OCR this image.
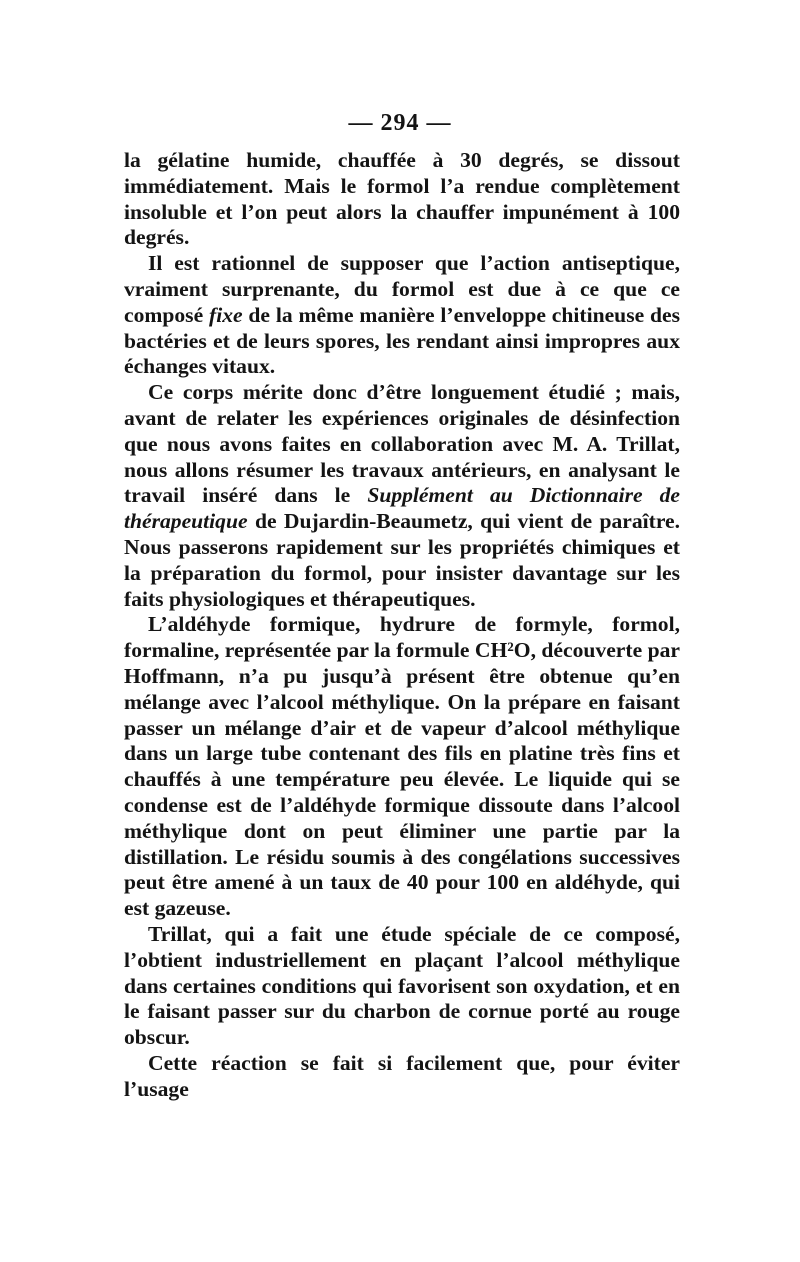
— 294 —

la gélatine humide, chauffée à 30 degrés, se dissout immédiatement. Mais le formol l’a rendue complètement insoluble et l’on peut alors la chauffer impunément à 100 degrés.

Il est rationnel de supposer que l’action antiseptique, vraiment surprenante, du formol est due à ce que ce composé fixe de la même manière l’enveloppe chitineuse des bactéries et de leurs spores, les rendant ainsi impropres aux échanges vitaux.

Ce corps mérite donc d’être longuement étudié ; mais, avant de relater les expériences originales de désinfection que nous avons faites en collaboration avec M. A. Trillat, nous allons résumer les travaux antérieurs, en analysant le travail inséré dans le Supplément au Dictionnaire de thérapeutique de Dujardin-Beaumetz, qui vient de paraître. Nous passerons rapidement sur les propriétés chimiques et la préparation du formol, pour insister davantage sur les faits physiologiques et thérapeutiques.

L’aldéhyde formique, hydrure de formyle, formol, formaline, représentée par la formule CH²O, découverte par Hoffmann, n’a pu jusqu’à présent être obtenue qu’en mélange avec l’alcool méthylique. On la prépare en faisant passer un mélange d’air et de vapeur d’alcool méthylique dans un large tube contenant des fils en platine très fins et chauffés à une température peu élevée. Le liquide qui se condense est de l’aldéhyde formique dissoute dans l’alcool méthylique dont on peut éliminer une partie par la distillation. Le résidu soumis à des congélations successives peut être amené à un taux de 40 pour 100 en aldéhyde, qui est gazeuse.

Trillat, qui a fait une étude spéciale de ce composé, l’obtient industriellement en plaçant l’alcool méthylique dans certaines conditions qui favorisent son oxydation, et en le faisant passer sur du charbon de cornue porté au rouge obscur.

Cette réaction se fait si facilement que, pour éviter l’usage
